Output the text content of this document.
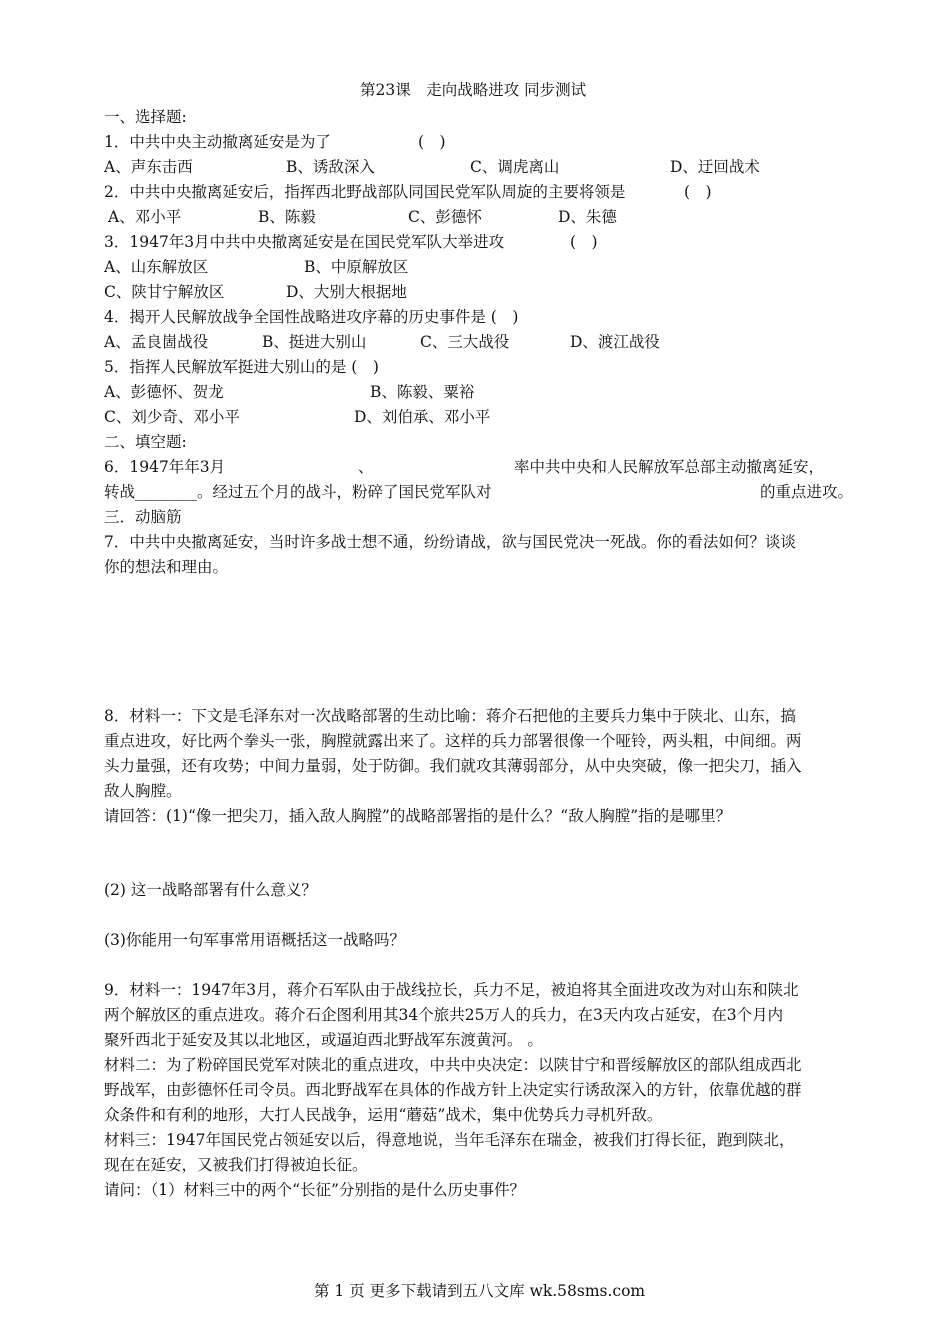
第23课　走向战略进攻 同步测试
一、选择题:
1．中共中央主动撤离延安是为了	(　)
A、声东击西	B、诱敌深入	C、调虎离山	D、迂回战术
2．中共中央撤离延安后，指挥西北野战部队同国民党军队周旋的主要将领是	(　)
A、邓小平	B、陈毅	C、彭德怀	D、朱德
3．1947年3月中共中央撤离延安是在国民党军队大举进攻	(　)
A、山东解放区	B、中原解放区
C、陕甘宁解放区	D、大别大根据地
4．揭开人民解放战争全国性战略进攻序幕的历史事件是 (　)
A、孟良崮战役	B、挺进大别山	C、三大战役	D、渡江战役
5．指挥人民解放军挺进大别山的是 (　)
A、彭德怀、贺龙	B、陈毅、粟裕
C、刘少奇、邓小平	D、刘伯承、邓小平
二、填空题:
6．1947年年3月	、	率中共中央和人民解放军总部主动撤离延安，
转战________。经过五个月的战斗，粉碎了国民党军队对	的重点进攻。
三．动脑筋
7．中共中央撤离延安，当时许多战士想不通，纷纷请战，欲与国民党决一死战。你的看法如何？谈谈
你的想法和理由。
8．材料一：下文是毛泽东对一次战略部署的生动比喻：蒋介石把他的主要兵力集中于陕北、山东，搞
重点进攻，好比两个拳头一张，胸膛就露出来了。这样的兵力部署很像一个哑铃，两头粗，中间细。两
头力量强，还有攻势；中间力量弱，处于防御。我们就攻其薄弱部分，从中央突破，像一把尖刀，插入
敌人胸膛。
请回答：(1)“像一把尖刀，插入敌人胸膛”的战略部署指的是什么？“敌人胸膛”指的是哪里？
(2) 这一战略部署有什么意义？
(3)你能用一句军事常用语概括这一战略吗？
9．材料一：1947年3月，蒋介石军队由于战线拉长，兵力不足，被迫将其全面进攻改为对山东和陕北
两个解放区的重点进攻。蒋介石企图利用其34个旅共25万人的兵力，在3天内攻占延安，在3个月内
聚歼西北于延安及其以北地区，或逼迫西北野战军东渡黄河。 。
材料二：为了粉碎国民党军对陕北的重点进攻，中共中央决定：以陕甘宁和晋绥解放区的部队组成西北
野战军，由彭德怀任司令员。西北野战军在具体的作战方针上决定实行诱敌深入的方针，依靠优越的群
众条件和有利的地形，大打人民战争，运用“蘑菇”战术，集中优势兵力寻机歼敌。
材料三：1947年国民党占领延安以后，得意地说，当年毛泽东在瑞金，被我们打得长征，跑到陕北，
现在在延安，又被我们打得被迫长征。
请问：（1）材料三中的两个“长征”分别指的是什么历史事件？
第 1 页 更多下载请到五八文库 wk.58sms.com
